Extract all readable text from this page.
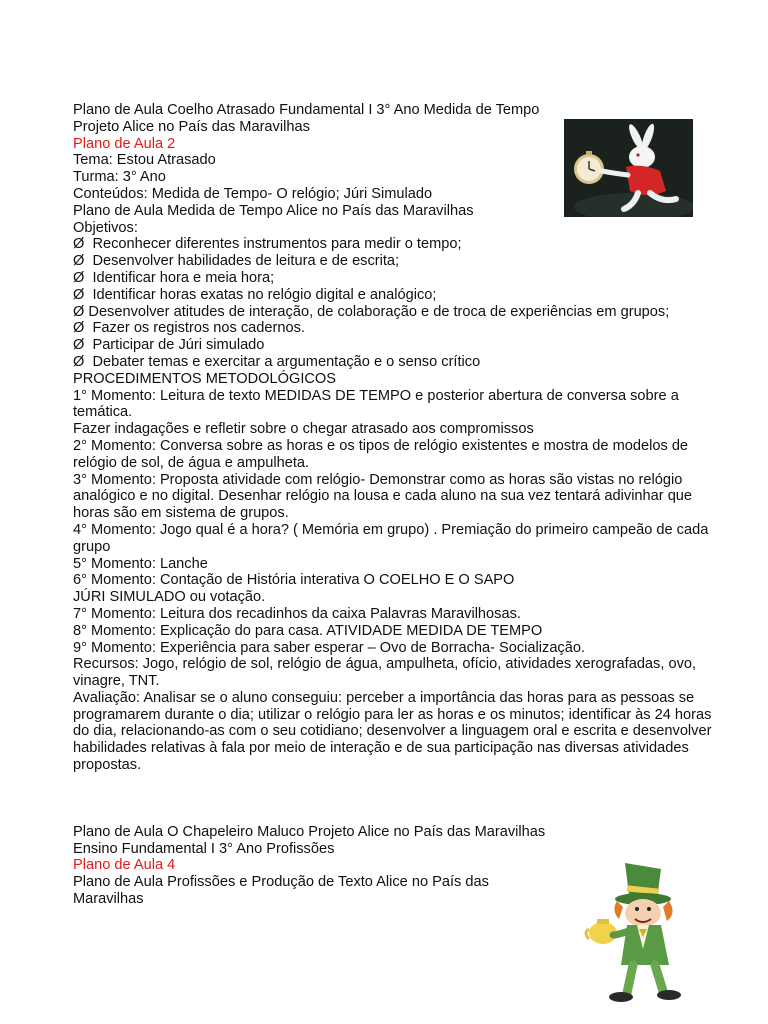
Plano de Aula Coelho Atrasado Fundamental I 3° Ano Medida de Tempo
Projeto Alice no País das Maravilhas
Plano de Aula 2
Tema: Estou Atrasado
Turma: 3° Ano
Conteúdos: Medida de Tempo- O relógio; Júri Simulado
Plano de Aula Medida de Tempo Alice no País das Maravilhas
Objetivos:
Ø  Reconhecer diferentes instrumentos para medir o tempo;
Ø  Desenvolver habilidades de leitura e de escrita;
Ø  Identificar hora e meia hora;
Ø  Identificar horas exatas no relógio digital e analógico;
Ø Desenvolver atitudes de interação, de colaboração e de troca de experiências em grupos;
Ø  Fazer os registros nos cadernos.
Ø  Participar de Júri simulado
Ø  Debater temas e exercitar a argumentação e o senso crítico
PROCEDIMENTOS METODOLÓGICOS
1° Momento: Leitura de texto MEDIDAS DE TEMPO e posterior abertura de conversa sobre a temática.
Fazer indagações e refletir sobre o chegar atrasado aos compromissos
2° Momento: Conversa sobre as horas e os tipos de relógio existentes e mostra de modelos de relógio de sol, de água e ampulheta.
3° Momento: Proposta atividade com relógio- Demonstrar como as horas são vistas no relógio analógico e no digital. Desenhar relógio na lousa e cada aluno na sua vez tentará adivinhar que horas são em sistema de grupos.
4° Momento: Jogo qual é a hora? ( Memória em grupo) . Premiação do primeiro campeão de cada grupo
5° Momento: Lanche
6° Momento: Contação de História interativa O COELHO E O SAPO
JÚRI SIMULADO ou votação.
7° Momento: Leitura dos recadinhos da caixa Palavras Maravilhosas.
8° Momento: Explicação do para casa. ATIVIDADE MEDIDA DE TEMPO
9° Momento: Experiência para saber esperar – Ovo de Borracha- Socialização.
Recursos: Jogo, relógio de sol, relógio de água, ampulheta, ofício, atividades xerografadas, ovo, vinagre, TNT.
Avaliação: Analisar se o aluno conseguiu: perceber a importância das horas para as pessoas se programarem durante o dia; utilizar o relógio para ler as horas e os minutos; identificar às 24 horas do dia, relacionando-as com o seu cotidiano; desenvolver a linguagem oral e escrita e desenvolver habilidades relativas à fala por meio de interação e de sua participação nas diversas atividades propostas.
Plano de Aula O Chapeleiro Maluco Projeto Alice no País das Maravilhas
Ensino Fundamental I 3° Ano Profissões
Plano de Aula 4
Plano de Aula Profissões e Produção de Texto Alice no País das Maravilhas
